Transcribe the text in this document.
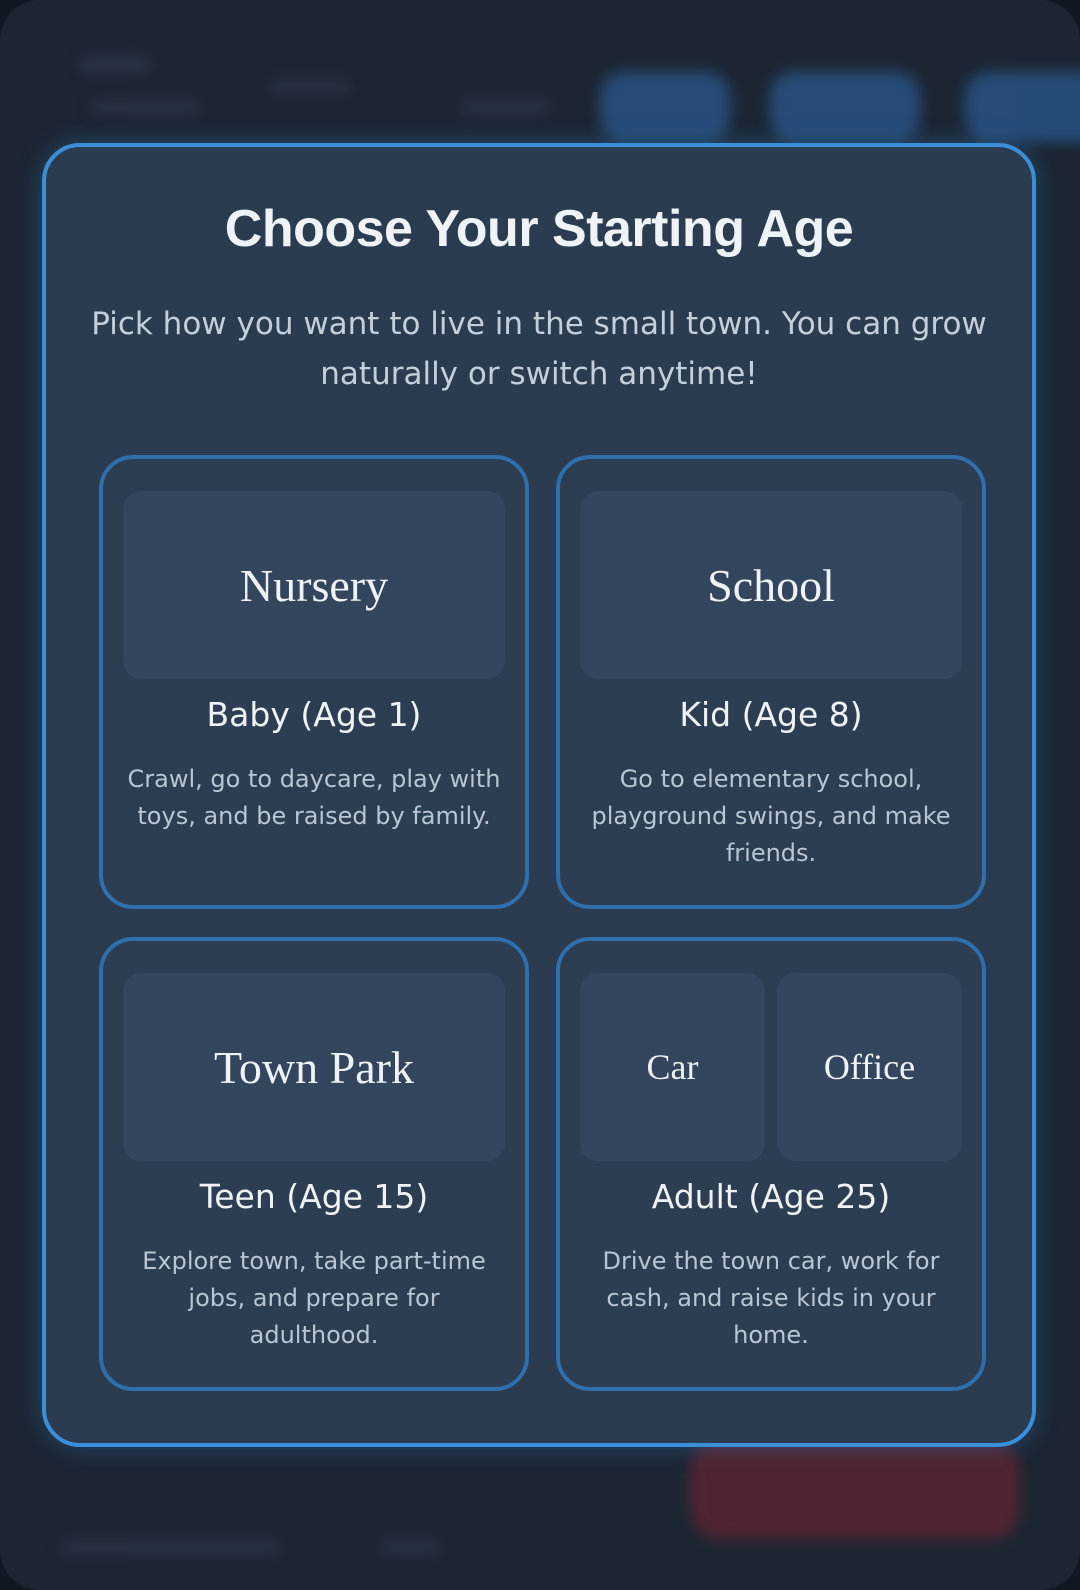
Choose Your Starting Age

Pick how you want to live in the small town. You can grow naturally or switch anytime!

Nursery
Baby (Age 1)
Crawl, go to daycare, play with toys, and be raised by family.
School
Kid (Age 8)
Go to elementary school, playground swings, and make friends.
Town Park
Teen (Age 15)
Explore town, take part-time jobs, and prepare for adulthood.
Car	Office
Adult (Age 25)
Drive the town car, work for cash, and raise kids in your home.
